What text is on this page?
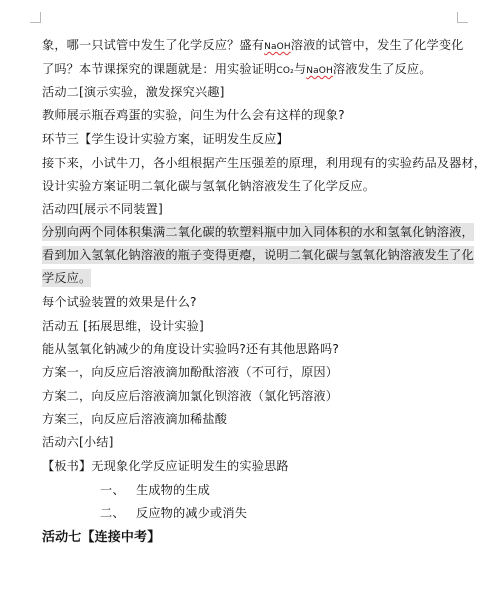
象，哪一只试管中发生了化学反应？盛有NaOH溶液的试管中，发生了化学变化
了吗？本节课探究的课题就是：用实验证明CO₂与NaOH溶液发生了反应。
活动二[演示实验，激发探究兴趣]
教师展示瓶吞鸡蛋的实验，问生为什么会有这样的现象?
环节三【学生设计实验方案，证明发生反应】
接下来，小试牛刀，各小组根据产生压强差的原理，利用现有的实验药品及器材，
设计实验方案证明二氧化碳与氢氧化钠溶液发生了化学反应。
活动四[展示不同装置]
分别向两个同体积集满二氧化碳的软塑料瓶中加入同体积的水和氢氧化钠溶液，
看到加入氢氧化钠溶液的瓶子变得更瘪，说明二氧化碳与氢氧化钠溶液发生了化
学反应。
每个试验装置的效果是什么?
活动五 [拓展思维，设计实验]
能从氢氧化钠减少的角度设计实验吗?还有其他思路吗?
方案一，向反应后溶液滴加酚酞溶液（不可行，原因）
方案二，向反应后溶液滴加氯化钡溶液（氯化钙溶液）
方案三，向反应后溶液滴加稀盐酸
活动六[小结]
【板书】无现象化学反应证明发生的实验思路
一、 生成物的生成
二、 反应物的减少或消失
活动七【连接中考】
